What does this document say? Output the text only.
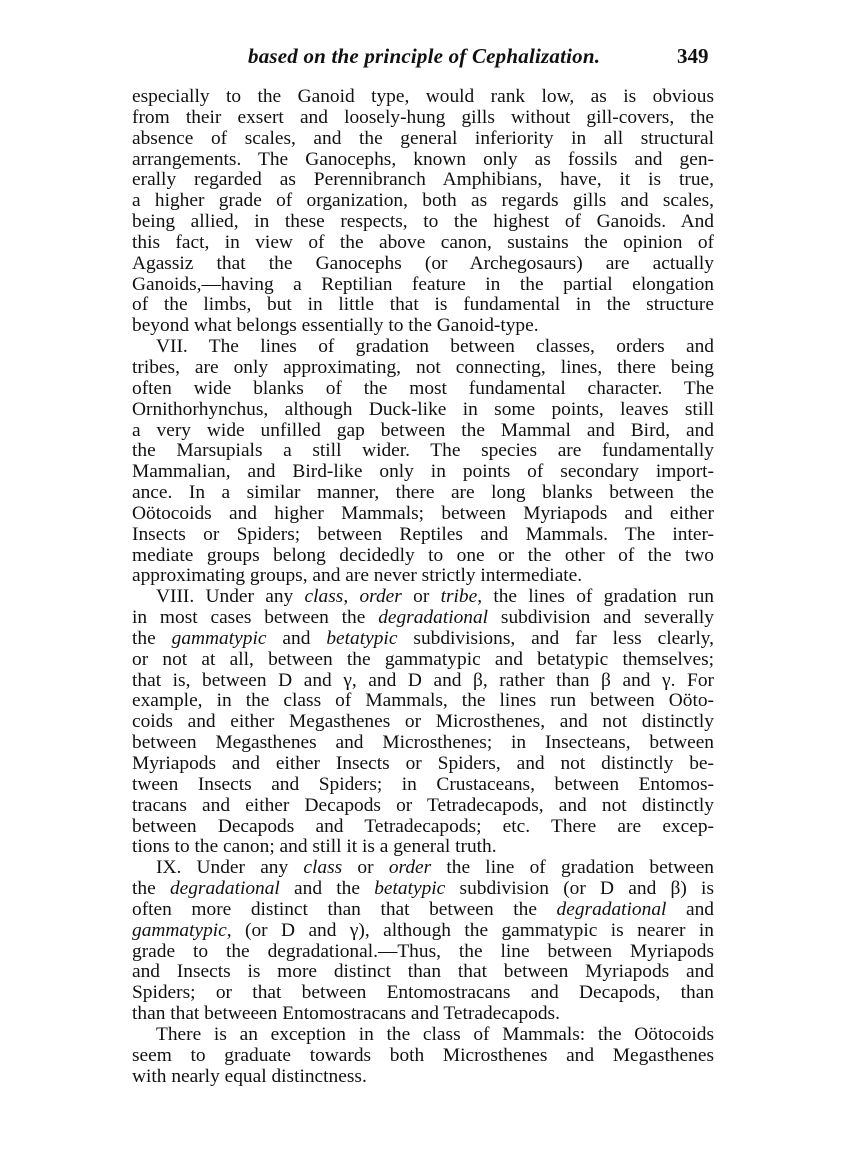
based on the principle of Cephalization.	349
especially to the Ganoid type, would rank low, as is obvious
from their exsert and loosely-hung gills without gill-covers, the
absence of scales, and the general inferiority in all structural
arrangements. The Ganocephs, known only as fossils and gen-
erally regarded as Perennibranch Amphibians, have, it is true,
a higher grade of organization, both as regards gills and scales,
being allied, in these respects, to the highest of Ganoids. And
this fact, in view of the above canon, sustains the opinion of
Agassiz that the Ganocephs (or Archegosaurs) are actually
Ganoids,—having a Reptilian feature in the partial elongation
of the limbs, but in little that is fundamental in the structure
beyond what belongs essentially to the Ganoid-type.
VII. The lines of gradation between classes, orders and
tribes, are only approximating, not connecting, lines, there being
often wide blanks of the most fundamental character. The
Ornithorhynchus, although Duck-like in some points, leaves still
a very wide unfilled gap between the Mammal and Bird, and
the Marsupials a still wider. The species are fundamentally
Mammalian, and Bird-like only in points of secondary import-
ance. In a similar manner, there are long blanks between the
Oötocoids and higher Mammals; between Myriapods and either
Insects or Spiders; between Reptiles and Mammals. The inter-
mediate groups belong decidedly to one or the other of the two
approximating groups, and are never strictly intermediate.
VIII. Under any class, order or tribe, the lines of gradation run
in most cases between the degradational subdivision and severally
the gammatypic and betatypic subdivisions, and far less clearly,
or not at all, between the gammatypic and betatypic themselves;
that is, between D and γ, and D and β, rather than β and γ. For
example, in the class of Mammals, the lines run between Oöto-
coids and either Megasthenes or Microsthenes, and not distinctly
between Megasthenes and Microsthenes; in Insecteans, between
Myriapods and either Insects or Spiders, and not distinctly be-
tween Insects and Spiders; in Crustaceans, between Entomos-
tracans and either Decapods or Tetradecapods, and not distinctly
between Decapods and Tetradecapods; etc. There are excep-
tions to the canon; and still it is a general truth.
IX. Under any class or order the line of gradation between
the degradational and the betatypic subdivision (or D and β) is
often more distinct than that between the degradational and
gammatypic, (or D and γ), although the gammatypic is nearer in
grade to the degradational.—Thus, the line between Myriapods
and Insects is more distinct than that between Myriapods and
Spiders; or that between Entomostracans and Decapods, than
than that betweeen Entomostracans and Tetradecapods.
There is an exception in the class of Mammals: the Oötocoids
seem to graduate towards both Microsthenes and Megasthenes
with nearly equal distinctness.
